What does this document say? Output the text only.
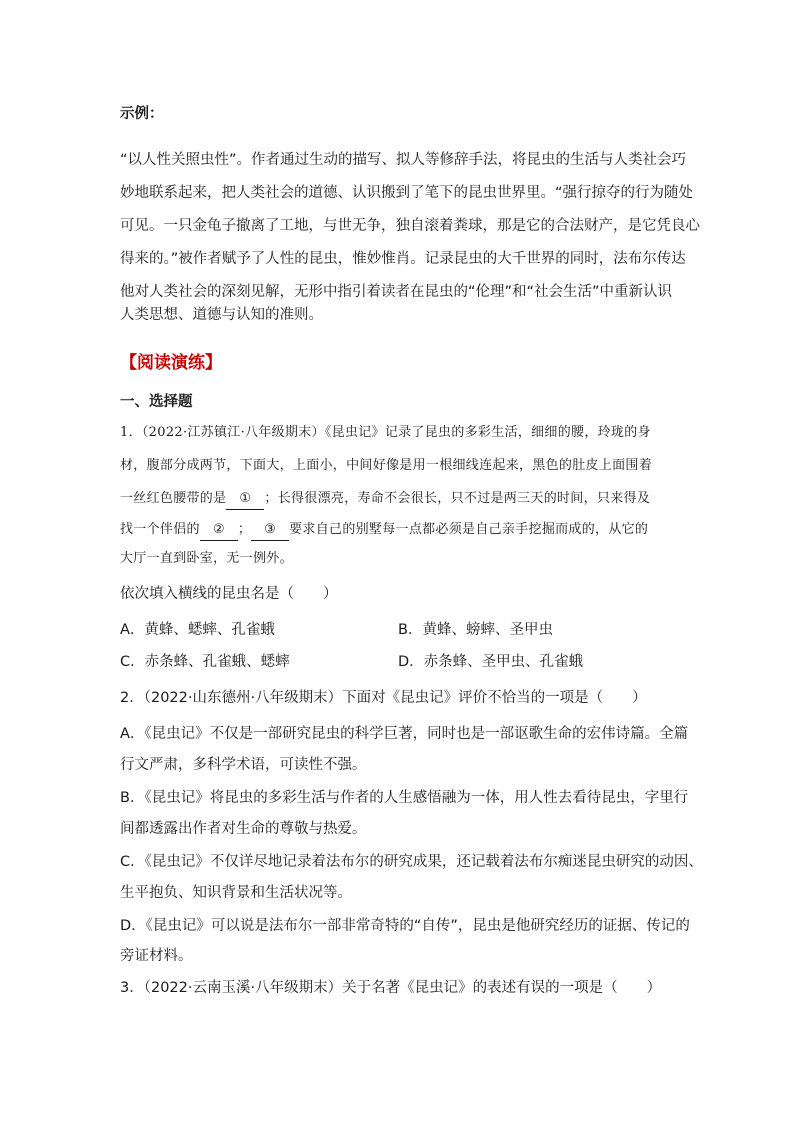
示例：
“以人性关照虫性”。作者通过生动的描写、拟人等修辞手法，将昆虫的生活与人类社会巧
妙地联系起来，把人类社会的道德、认识搬到了笔下的昆虫世界里。“强行掠夺的行为随处
可见。一只金龟子撤离了工地，与世无争，独自滚着粪球，那是它的合法财产，是它凭良心
得来的。”被作者赋予了人性的昆虫，惟妙惟肖。记录昆虫的大千世界的同时，法布尔传达
他对人类社会的深刻见解，无形中指引着读者在昆虫的“伦理”和“社会生活”中重新认识
人类思想、道德与认知的准则。
【阅读演练】
一、选择题
1．（2022·江苏镇江·八年级期末）《昆虫记》记录了昆虫的多彩生活，细细的腰，玲珑的身
材，腹部分成两节，下面大，上面小，中间好像是用一根细线连起来，黑色的肚皮上面围着
一丝红色腰带的是 ① ；长得很漂亮，寿命不会很长，只不过是两三天的时间，只来得及
找一个伴侣的 ② ； ③ 要求自己的别墅每一点都必须是自己亲手挖掘而成的，从它的
大厅一直到卧室，无一例外。
依次填入横线的昆虫名是（　　）
A．黄蜂、蟋蟀、孔雀蛾	B．黄蜂、螃蟀、圣甲虫
C．赤条蜂、孔雀蛾、蟋蟀	D．赤条蜂、圣甲虫、孔雀蛾
2．（2022·山东德州·八年级期末）下面对《昆虫记》评价不恰当的一项是（　　）
A．《昆虫记》不仅是一部研究昆虫的科学巨著，同时也是一部讴歌生命的宏伟诗篇。全篇
行文严肃，多科学术语，可读性不强。
B．《昆虫记》将昆虫的多彩生活与作者的人生感悟融为一体，用人性去看待昆虫，字里行
间都透露出作者对生命的尊敬与热爱。
C．《昆虫记》不仅详尽地记录着法布尔的研究成果，还记载着法布尔痴迷昆虫研究的动因、
生平抱负、知识背景和生活状况等。
D．《昆虫记》可以说是法布尔一部非常奇特的“自传”，昆虫是他研究经历的证据、传记的
旁证材料。
3．（2022·云南玉溪·八年级期末）关于名著《昆虫记》的表述有误的一项是（　　）
